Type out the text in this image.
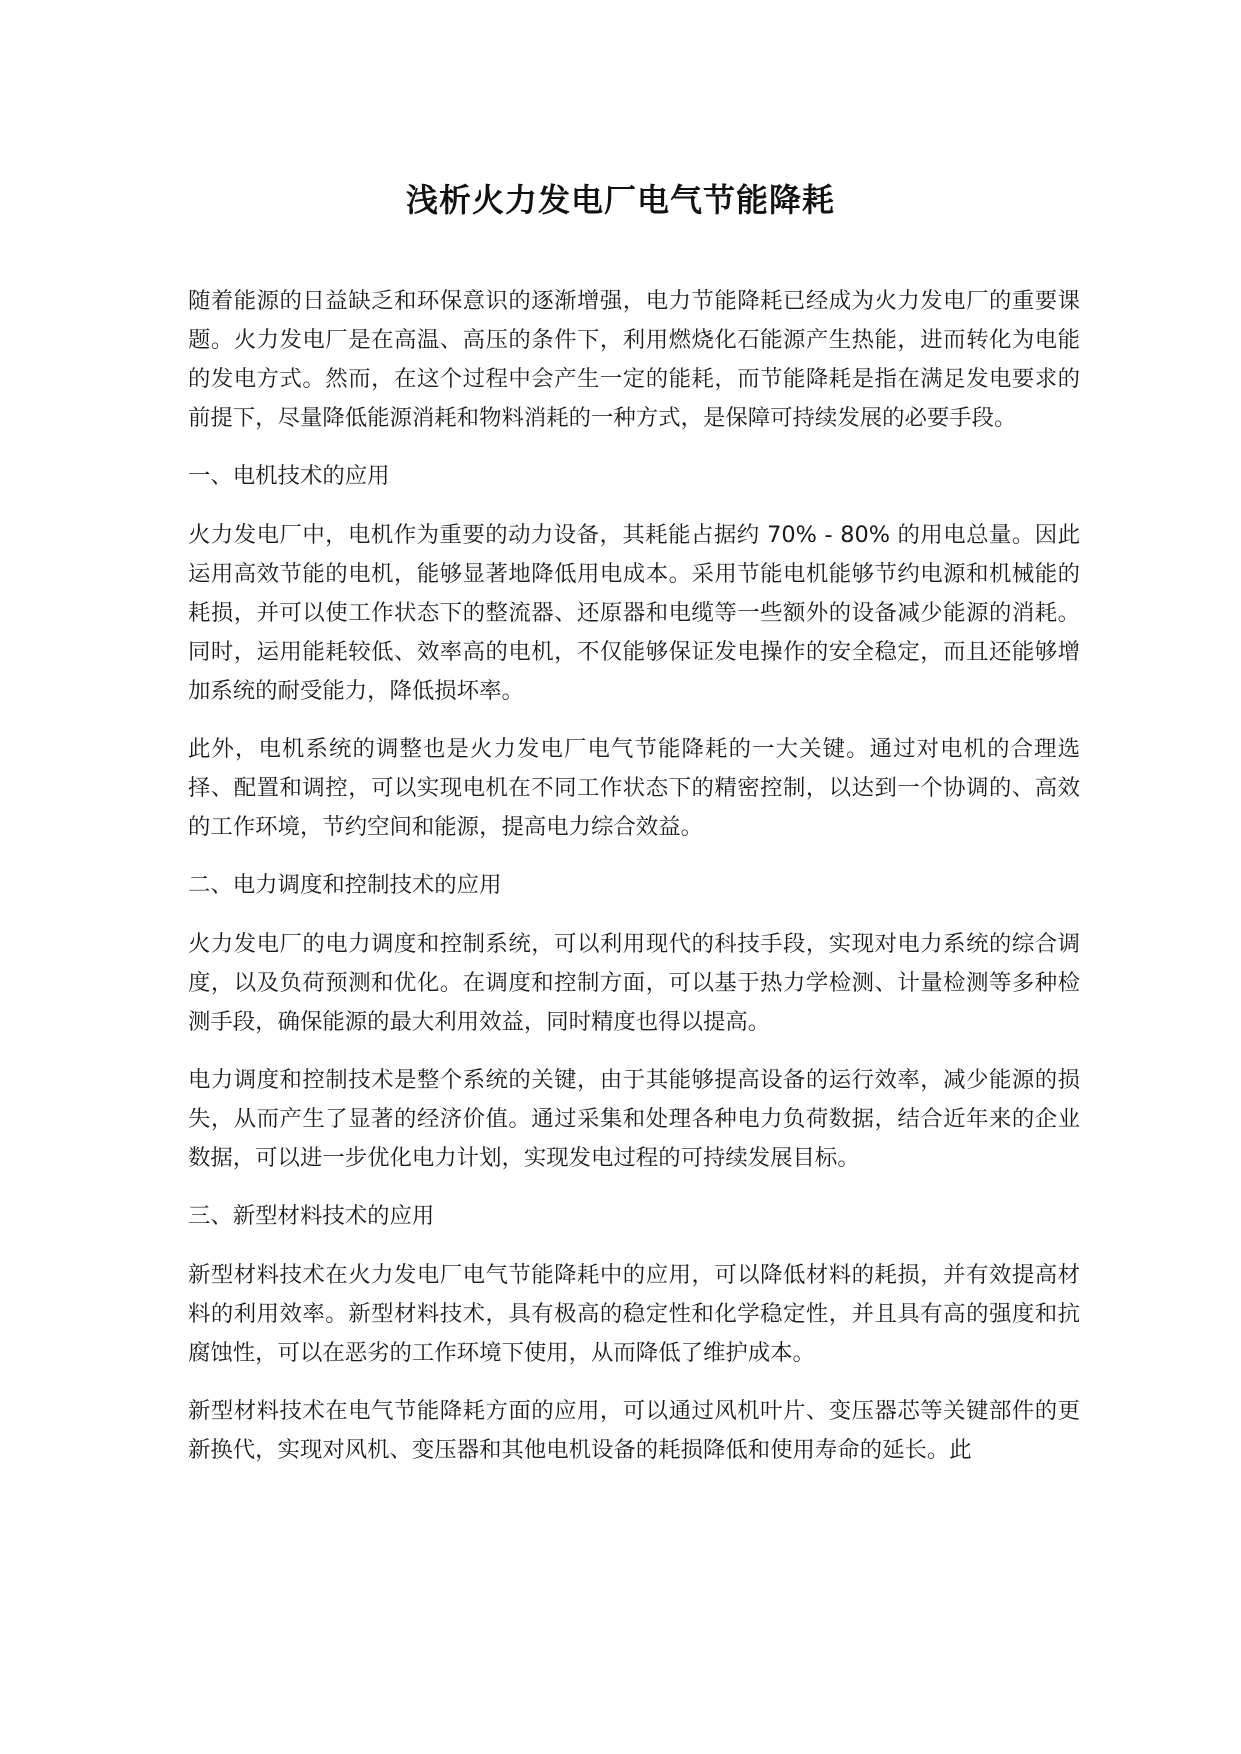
浅析火力发电厂电气节能降耗

随着能源的日益缺乏和环保意识的逐渐增强，电力节能降耗已经成为火力发电厂的重要课题。火力发电厂是在高温、高压的条件下，利用燃烧化石能源产生热能，进而转化为电能的发电方式。然而，在这个过程中会产生一定的能耗，而节能降耗是指在满足发电要求的前提下，尽量降低能源消耗和物料消耗的一种方式，是保障可持续发展的必要手段。

一、电机技术的应用

火力发电厂中，电机作为重要的动力设备，其耗能占据约 70% - 80% 的用电总量。因此运用高效节能的电机，能够显著地降低用电成本。采用节能电机能够节约电源和机械能的耗损，并可以使工作状态下的整流器、还原器和电缆等一些额外的设备减少能源的消耗。同时，运用能耗较低、效率高的电机，不仅能够保证发电操作的安全稳定，而且还能够增加系统的耐受能力，降低损坏率。

此外，电机系统的调整也是火力发电厂电气节能降耗的一大关键。通过对电机的合理选择、配置和调控，可以实现电机在不同工作状态下的精密控制，以达到一个协调的、高效的工作环境，节约空间和能源，提高电力综合效益。

二、电力调度和控制技术的应用

火力发电厂的电力调度和控制系统，可以利用现代的科技手段，实现对电力系统的综合调度，以及负荷预测和优化。在调度和控制方面，可以基于热力学检测、计量检测等多种检测手段，确保能源的最大利用效益，同时精度也得以提高。

电力调度和控制技术是整个系统的关键，由于其能够提高设备的运行效率，减少能源的损失，从而产生了显著的经济价值。通过采集和处理各种电力负荷数据，结合近年来的企业数据，可以进一步优化电力计划，实现发电过程的可持续发展目标。

三、新型材料技术的应用

新型材料技术在火力发电厂电气节能降耗中的应用，可以降低材料的耗损，并有效提高材料的利用效率。新型材料技术，具有极高的稳定性和化学稳定性，并且具有高的强度和抗腐蚀性，可以在恶劣的工作环境下使用，从而降低了维护成本。

新型材料技术在电气节能降耗方面的应用，可以通过风机叶片、变压器芯等关键部件的更新换代，实现对风机、变压器和其他电机设备的耗损降低和使用寿命的延长。此
